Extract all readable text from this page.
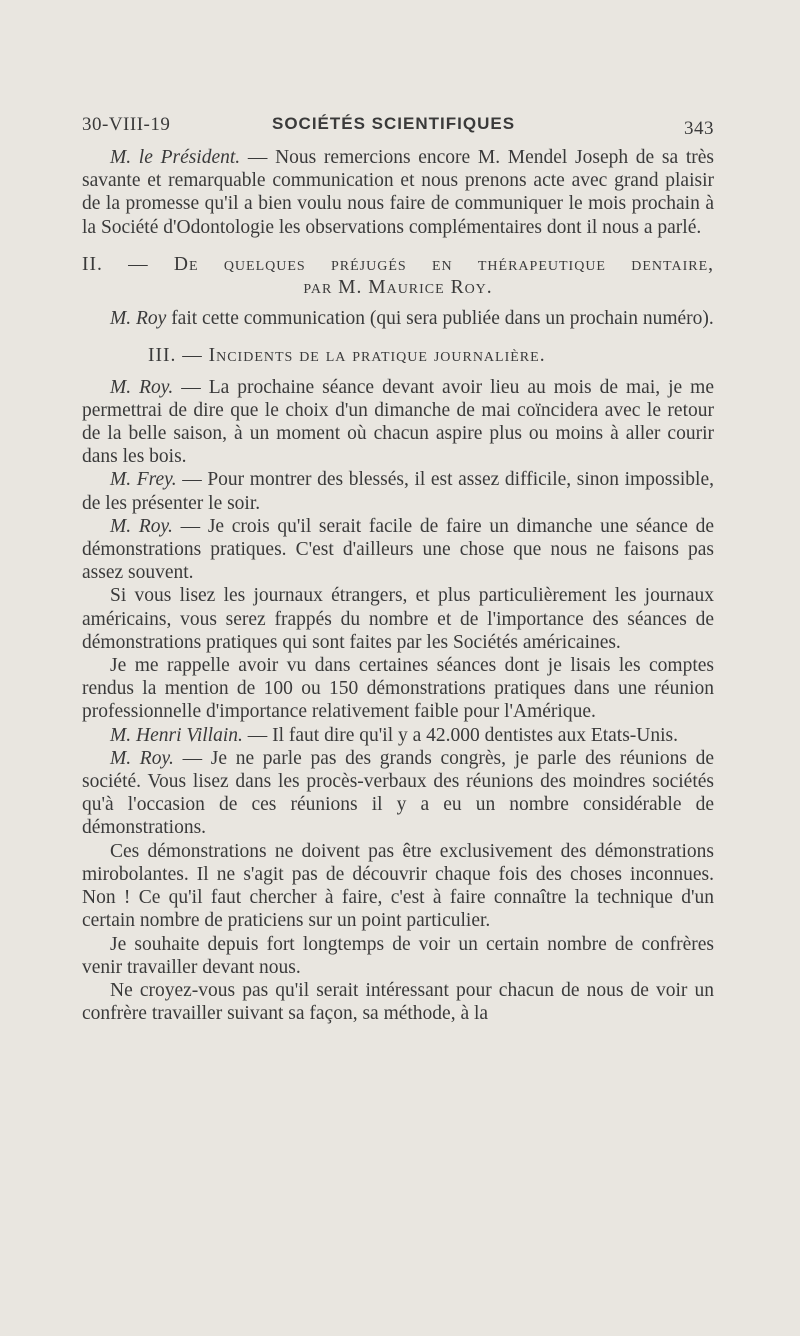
30-VIII-19	SOCIÉTÉS SCIENTIFIQUES	343

M. le Président. — Nous remercions encore M. Mendel Joseph de sa très savante et remarquable communication et nous prenons acte avec grand plaisir de la promesse qu'il a bien voulu nous faire de communiquer le mois prochain à la Société d'Odontologie les observations complémentaires dont il nous a parlé.

II. — De quelques préjugés en thérapeutique dentaire,

par M. Maurice Roy.

M. Roy fait cette communication (qui sera publiée dans un prochain numéro).

III. — Incidents de la pratique journalière.

M. Roy. — La prochaine séance devant avoir lieu au mois de mai, je me permettrai de dire que le choix d'un dimanche de mai coïncidera avec le retour de la belle saison, à un moment où chacun aspire plus ou moins à aller courir dans les bois.

M. Frey. — Pour montrer des blessés, il est assez difficile, sinon impossible, de les présenter le soir.

M. Roy. — Je crois qu'il serait facile de faire un dimanche une séance de démonstrations pratiques. C'est d'ailleurs une chose que nous ne faisons pas assez souvent.

Si vous lisez les journaux étrangers, et plus particulièrement les journaux américains, vous serez frappés du nombre et de l'importance des séances de démonstrations pratiques qui sont faites par les Sociétés américaines.

Je me rappelle avoir vu dans certaines séances dont je lisais les comptes rendus la mention de 100 ou 150 démonstrations pratiques dans une réunion professionnelle d'importance relativement faible pour l'Amérique.

M. Henri Villain. — Il faut dire qu'il y a 42.000 dentistes aux Etats-Unis.

M. Roy. — Je ne parle pas des grands congrès, je parle des réunions de société. Vous lisez dans les procès-verbaux des réunions des moindres sociétés qu'à l'occasion de ces réunions il y a eu un nombre considérable de démonstrations.

Ces démonstrations ne doivent pas être exclusivement des démonstrations mirobolantes. Il ne s'agit pas de découvrir chaque fois des choses inconnues. Non ! Ce qu'il faut chercher à faire, c'est à faire connaître la technique d'un certain nombre de praticiens sur un point particulier.

Je souhaite depuis fort longtemps de voir un certain nombre de confrères venir travailler devant nous.

Ne croyez-vous pas qu'il serait intéressant pour chacun de nous de voir un confrère travailler suivant sa façon, sa méthode, à la
